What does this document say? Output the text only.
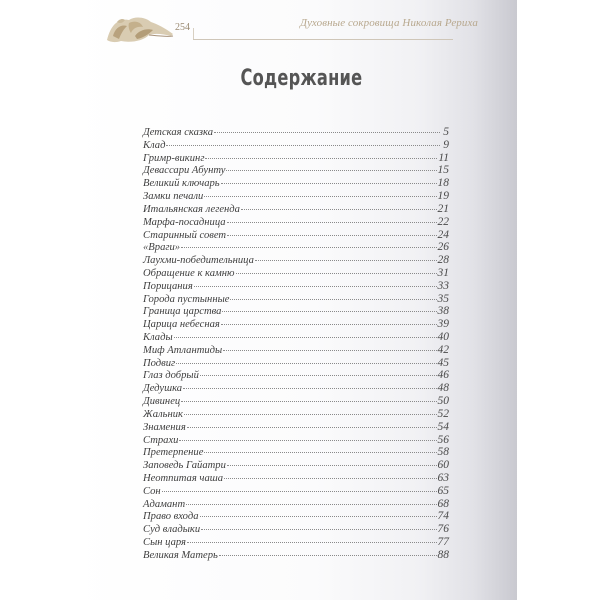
254	Духовные сокровища Николая Рериха
Содержание
Детская сказка	5
Клад	9
Гримр-викинг	11
Девассари Абунту	15
Великий ключарь	18
Замки печали	19
Итальянская легенда	21
Марфа-посадница	22
Старинный совет	24
«Враги»	26
Лаухми-победительница	28
Обращение к камню	31
Порицания	33
Города пустынные	35
Граница царства	38
Царица небесная	39
Клады	40
Миф Атлантиды	42
Подвиг	45
Глаз добрый	46
Дедушка	48
Дивинец	50
Жальник	52
Знамения	54
Страхи	56
Претерпение	58
Заповедь Гайатри	60
Неотпитая чаша	63
Сон	65
Адамант	68
Право входа	74
Суд владыки	76
Сын царя	77
Великая Матерь	88
